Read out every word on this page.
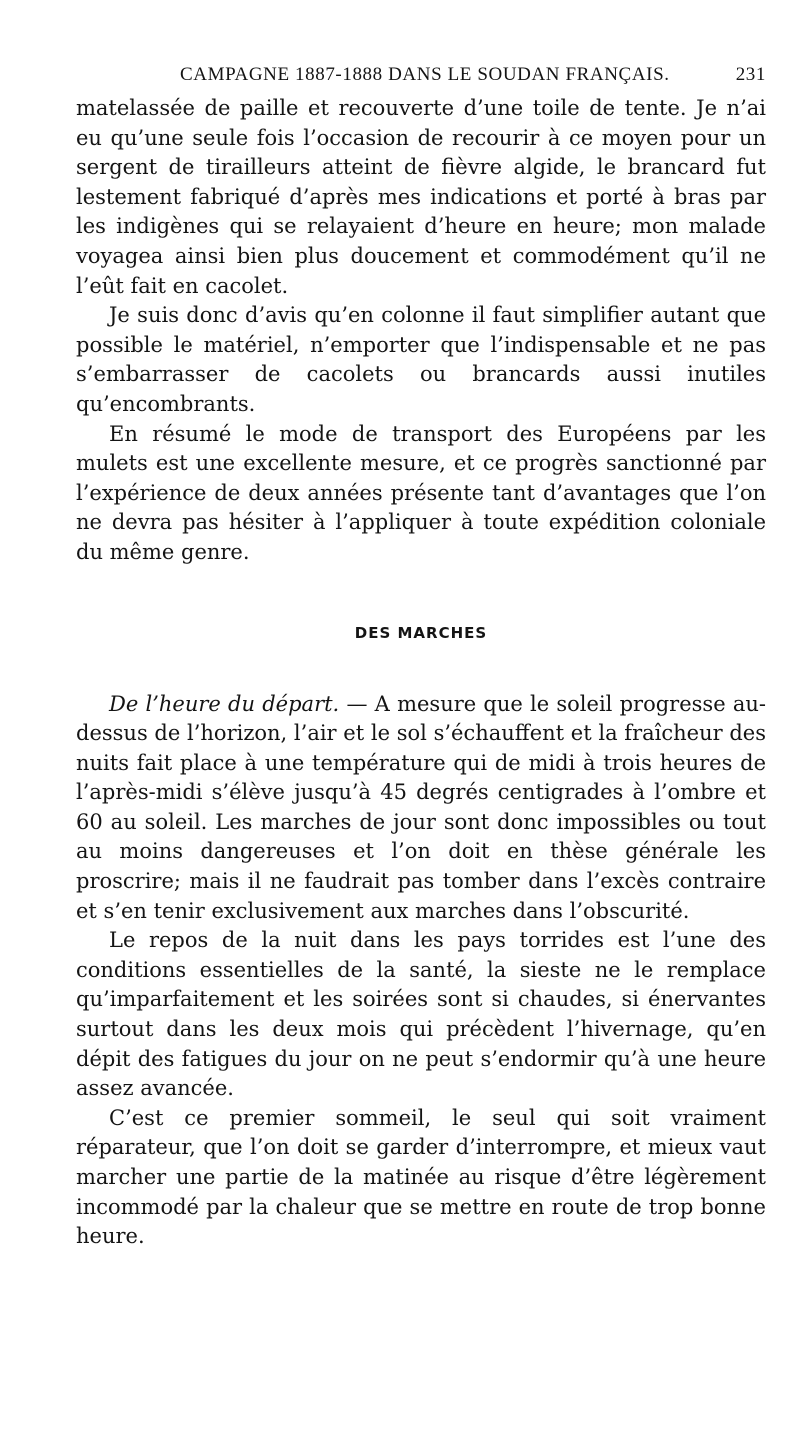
CAMPAGNE 1887-1888 DANS LE SOUDAN FRANÇAIS.	231

matelassée de paille et recouverte d’une toile de tente. Je n’ai eu qu’une seule fois l’occasion de recourir à ce moyen pour un sergent de tirailleurs atteint de fièvre algide, le brancard fut lestement fabriqué d’après mes indications et porté à bras par les indigènes qui se relayaient d’heure en heure; mon malade voyagea ainsi bien plus doucement et commodément qu’il ne l’eût fait en cacolet.

Je suis donc d’avis qu’en colonne il faut simplifier autant que possible le matériel, n’emporter que l’indispensable et ne pas s’embarrasser de cacolets ou brancards aussi inutiles qu’encombrants.

En résumé le mode de transport des Européens par les mulets est une excellente mesure, et ce progrès sanctionné par l’expérience de deux années présente tant d’avantages que l’on ne devra pas hésiter à l’appliquer à toute expédition coloniale du même genre.

DES MARCHES

De l’heure du départ. — A mesure que le soleil progresse au-dessus de l’horizon, l’air et le sol s’échauffent et la fraîcheur des nuits fait place à une température qui de midi à trois heures de l’après-midi s’élève jusqu’à 45 degrés centigrades à l’ombre et 60 au soleil. Les marches de jour sont donc impossibles ou tout au moins dangereuses et l’on doit en thèse générale les proscrire; mais il ne faudrait pas tomber dans l’excès contraire et s’en tenir exclusivement aux marches dans l’obscurité.

Le repos de la nuit dans les pays torrides est l’une des conditions essentielles de la santé, la sieste ne le remplace qu’imparfaitement et les soirées sont si chaudes, si énervantes surtout dans les deux mois qui précèdent l’hivernage, qu’en dépit des fatigues du jour on ne peut s’endormir qu’à une heure assez avancée.

C’est ce premier sommeil, le seul qui soit vraiment réparateur, que l’on doit se garder d’interrompre, et mieux vaut marcher une partie de la matinée au risque d’être légèrement incommodé par la chaleur que se mettre en route de trop bonne heure.
